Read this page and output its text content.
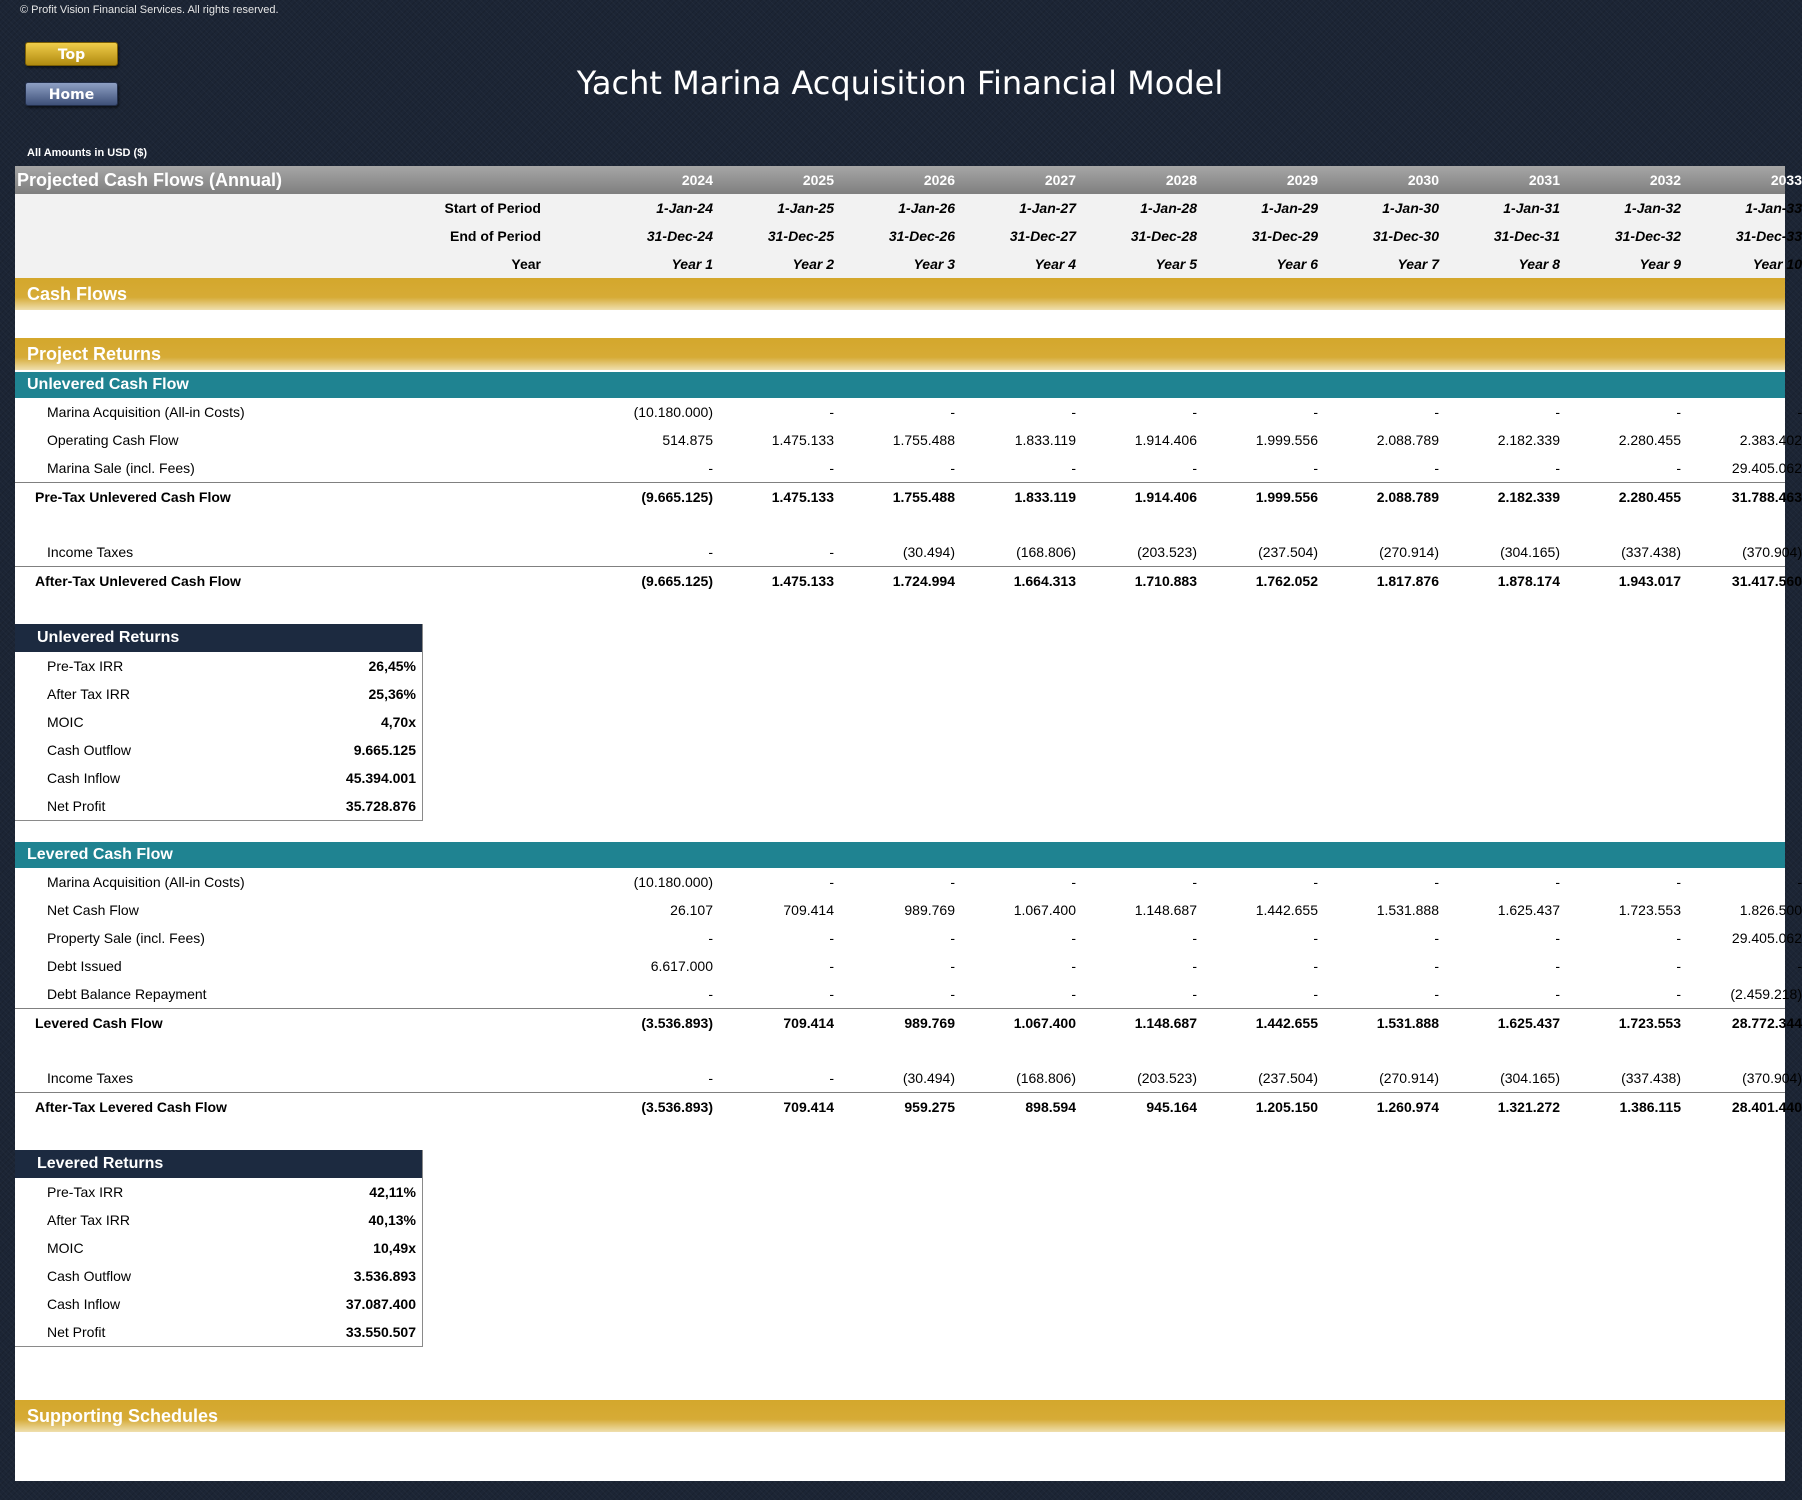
© Profit Vision Financial Services. All rights reserved.
Top
Home	Yacht Marina Acquisition Financial Model
All Amounts in USD ($)
Projected Cash Flows (Annual)	2024	2025	2026	2027	2028	2029	2030	2031	2032	2033
Start of Period	1-Jan-24	1-Jan-25	1-Jan-26	1-Jan-27	1-Jan-28	1-Jan-29	1-Jan-30	1-Jan-31	1-Jan-32	1-Jan-33
End of Period	31-Dec-24	31-Dec-25	31-Dec-26	31-Dec-27	31-Dec-28	31-Dec-29	31-Dec-30	31-Dec-31	31-Dec-32	31-Dec-33
Year	Year 1	Year 2	Year 3	Year 4	Year 5	Year 6	Year 7	Year 8	Year 9	Year 10
Cash Flows
Project Returns
Unlevered Cash Flow
Marina Acquisition (All-in Costs)	(10.180.000)	-	-	-	-	-	-	-	-	-
Operating Cash Flow	514.875	1.475.133	1.755.488	1.833.119	1.914.406	1.999.556	2.088.789	2.182.339	2.280.455	2.383.402
Marina Sale (incl. Fees)	-	-	-	-	-	-	-	-	-	29.405.062
Pre-Tax Unlevered Cash Flow	(9.665.125)	1.475.133	1.755.488	1.833.119	1.914.406	1.999.556	2.088.789	2.182.339	2.280.455	31.788.463
Income Taxes	-	-	(30.494)	(168.806)	(203.523)	(237.504)	(270.914)	(304.165)	(337.438)	(370.904)
After-Tax Unlevered Cash Flow	(9.665.125)	1.475.133	1.724.994	1.664.313	1.710.883	1.762.052	1.817.876	1.878.174	1.943.017	31.417.560
Unlevered Returns
Pre-Tax IRR	26,45%
After Tax IRR	25,36%
MOIC	4,70x
Cash Outflow	9.665.125
Cash Inflow	45.394.001
Net Profit	35.728.876
Levered Cash Flow
Marina Acquisition (All-in Costs)	(10.180.000)	-	-	-	-	-	-	-	-	-
Net Cash Flow	26.107	709.414	989.769	1.067.400	1.148.687	1.442.655	1.531.888	1.625.437	1.723.553	1.826.500
Property Sale (incl. Fees)	-	-	-	-	-	-	-	-	-	29.405.062
Debt Issued	6.617.000	-	-	-	-	-	-	-	-	-
Debt Balance Repayment	-	-	-	-	-	-	-	-	-	(2.459.218)
Levered Cash Flow	(3.536.893)	709.414	989.769	1.067.400	1.148.687	1.442.655	1.531.888	1.625.437	1.723.553	28.772.344
Income Taxes	-	-	(30.494)	(168.806)	(203.523)	(237.504)	(270.914)	(304.165)	(337.438)	(370.904)
After-Tax Levered Cash Flow	(3.536.893)	709.414	959.275	898.594	945.164	1.205.150	1.260.974	1.321.272	1.386.115	28.401.440
Levered Returns
Pre-Tax IRR	42,11%
After Tax IRR	40,13%
MOIC	10,49x
Cash Outflow	3.536.893
Cash Inflow	37.087.400
Net Profit	33.550.507
Supporting Schedules
